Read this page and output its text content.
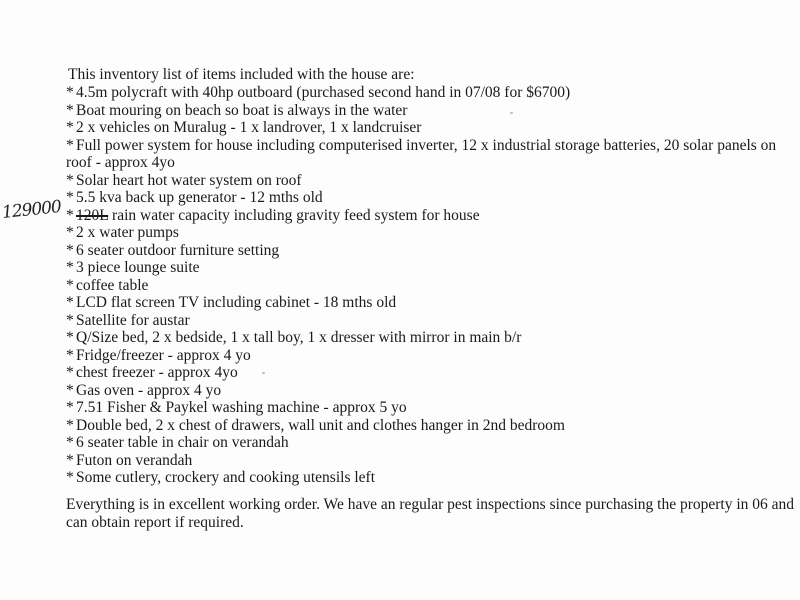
This inventory list of items included with the house are:
129000
* 4.5m polycraft with 40hp outboard (purchased second hand in 07/08 for $6700)
* Boat mouring on beach so boat is always in the water
* 2 x vehicles on Muralug - 1 x landrover, 1 x landcruiser
* Full power system for house including computerised inverter, 12 x industrial storage batteries, 20 solar panels on roof - approx 4yo
* Solar heart hot water system on roof
* 5.5 kva back up generator - 12 mths old
* 120L rain water capacity including gravity feed system for house
* 2 x water pumps
* 6 seater outdoor furniture setting
* 3 piece lounge suite
* coffee table
* LCD flat screen TV including cabinet - 18 mths old
* Satellite for austar
* Q/Size bed, 2 x bedside, 1 x tall boy, 1 x dresser with mirror in main b/r
* Fridge/freezer - approx 4 yo
* chest freezer - approx 4yo
* Gas oven - approx 4 yo
* 7.51 Fisher & Paykel washing machine - approx 5 yo
* Double bed, 2 x chest of drawers, wall unit and clothes hanger in 2nd bedroom
* 6 seater table in chair on verandah
* Futon on verandah
* Some cutlery, crockery and cooking utensils left

Everything is in excellent working order. We have an regular pest inspections since purchasing the property in 06 and can obtain report if required.
